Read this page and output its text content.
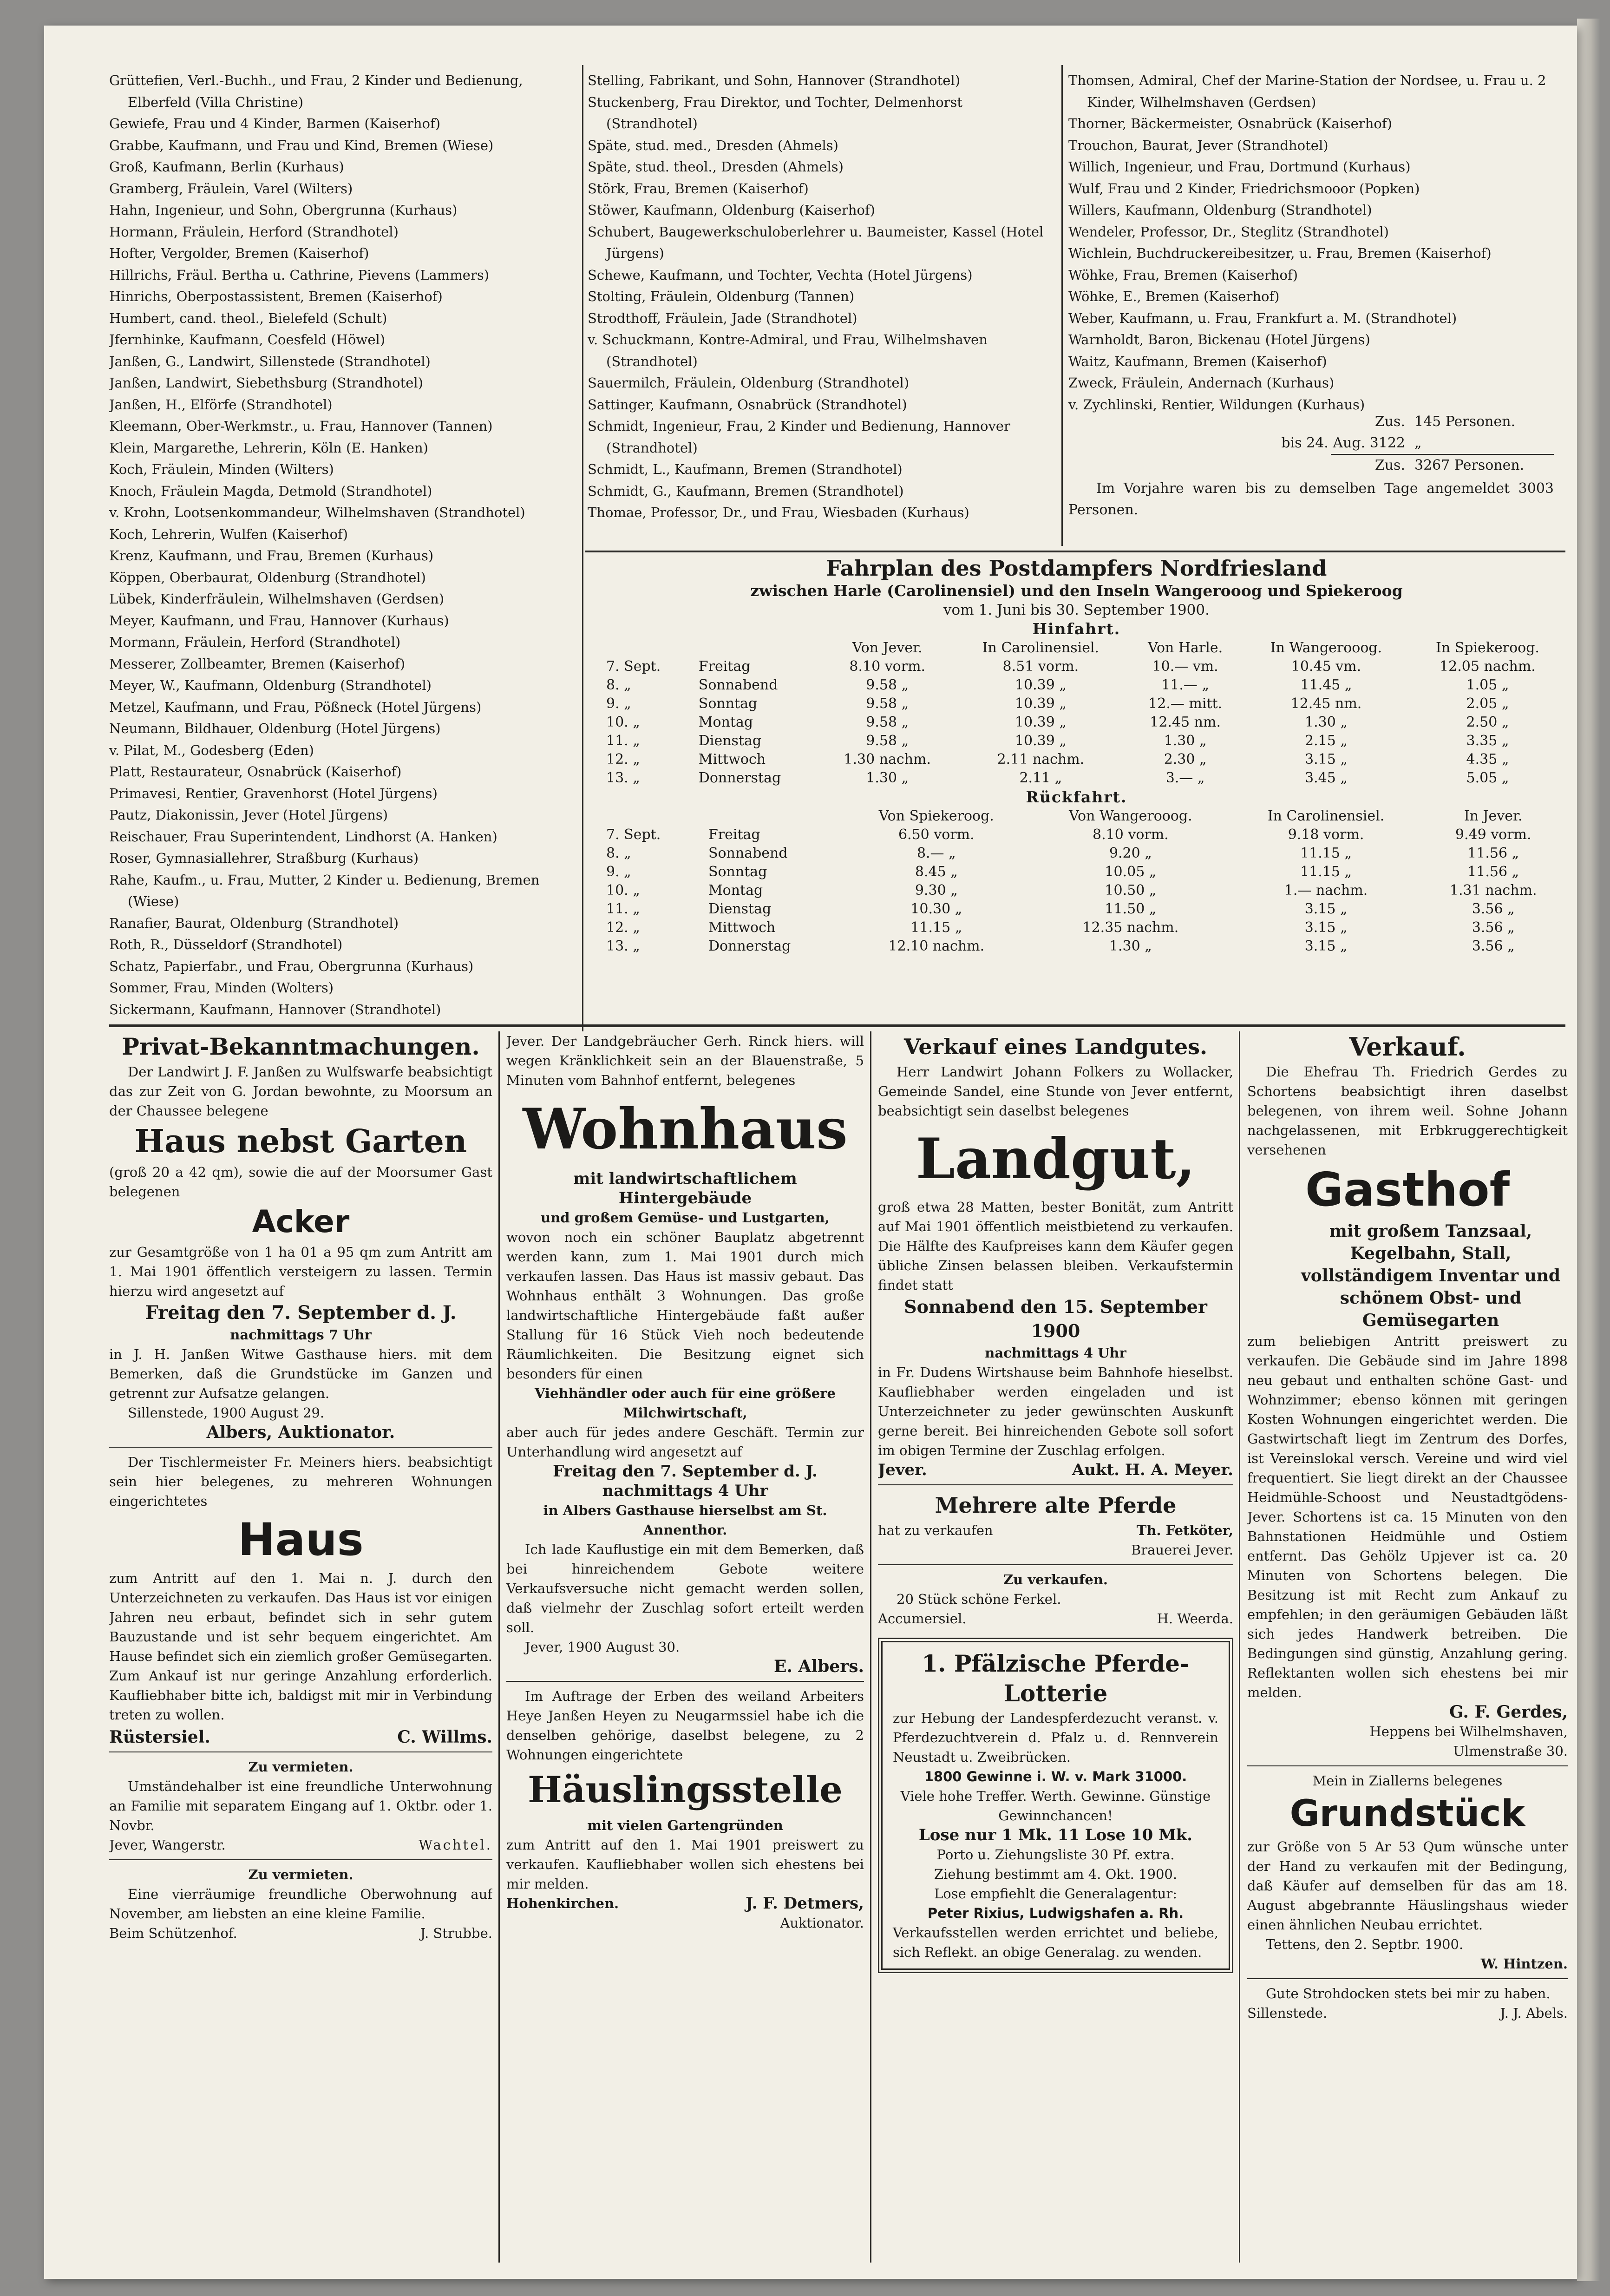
Grüttefien, Verl.-Buchh., und Frau, 2 Kinder und Bedienung, Elberfeld (Villa Christine)
Gewiefe, Frau und 4 Kinder, Barmen (Kaiserhof)
Grabbe, Kaufmann, und Frau und Kind, Bremen (Wiese)
Groß, Kaufmann, Berlin (Kurhaus)
Gramberg, Fräulein, Varel (Wilters)
Hahn, Ingenieur, und Sohn, Obergrunna (Kurhaus)
Hormann, Fräulein, Herford (Strandhotel)
Hofter, Vergolder, Bremen (Kaiserhof)
Hillrichs, Fräul. Bertha u. Cathrine, Pievens (Lammers)
Hinrichs, Oberpostassistent, Bremen (Kaiserhof)
Humbert, cand. theol., Bielefeld (Schult)
Jfernhinke, Kaufmann, Coesfeld (Höwel)
Janßen, G., Landwirt, Sillenstede (Strandhotel)
Janßen, Landwirt, Siebethsburg (Strandhotel)
Janßen, H., Elförfe (Strandhotel)
Kleemann, Ober-Werkmstr., u. Frau, Hannover (Tannen)
Klein, Margarethe, Lehrerin, Köln (E. Hanken)
Koch, Fräulein, Minden (Wilters)
Knoch, Fräulein Magda, Detmold (Strandhotel)
v. Krohn, Lootsenkommandeur, Wilhelmshaven (Strandhotel)
Koch, Lehrerin, Wulfen (Kaiserhof)
Krenz, Kaufmann, und Frau, Bremen (Kurhaus)
Köppen, Oberbaurat, Oldenburg (Strandhotel)
Lübek, Kinderfräulein, Wilhelmshaven (Gerdsen)
Meyer, Kaufmann, und Frau, Hannover (Kurhaus)
Mormann, Fräulein, Herford (Strandhotel)
Messerer, Zollbeamter, Bremen (Kaiserhof)
Meyer, W., Kaufmann, Oldenburg (Strandhotel)
Metzel, Kaufmann, und Frau, Pößneck (Hotel Jürgens)
Neumann, Bildhauer, Oldenburg (Hotel Jürgens)
v. Pilat, M., Godesberg (Eden)
Platt, Restaurateur, Osnabrück (Kaiserhof)
Primavesi, Rentier, Gravenhorst (Hotel Jürgens)
Pautz, Diakonissin, Jever (Hotel Jürgens)
Reischauer, Frau Superintendent, Lindhorst (A. Hanken)
Roser, Gymnasiallehrer, Straßburg (Kurhaus)
Rahe, Kaufm., u. Frau, Mutter, 2 Kinder u. Bedienung, Bremen (Wiese)
Ranafier, Baurat, Oldenburg (Strandhotel)
Roth, R., Düsseldorf (Strandhotel)
Schatz, Papierfabr., und Frau, Obergrunna (Kurhaus)
Sommer, Frau, Minden (Wolters)
Sickermann, Kaufmann, Hannover (Strandhotel)
Stelling, Fabrikant, und Sohn, Hannover (Strandhotel)
Stuckenberg, Frau Direktor, und Tochter, Delmenhorst (Strandhotel)
Späte, stud. med., Dresden (Ahmels)
Späte, stud. theol., Dresden (Ahmels)
Störk, Frau, Bremen (Kaiserhof)
Stöwer, Kaufmann, Oldenburg (Kaiserhof)
Schubert, Baugewerkschuloberlehrer u. Baumeister, Kassel (Hotel Jürgens)
Schewe, Kaufmann, und Tochter, Vechta (Hotel Jürgens)
Stolting, Fräulein, Oldenburg (Tannen)
Strodthoff, Fräulein, Jade (Strandhotel)
v. Schuckmann, Kontre-Admiral, und Frau, Wilhelmshaven (Strandhotel)
Sauermilch, Fräulein, Oldenburg (Strandhotel)
Sattinger, Kaufmann, Osnabrück (Strandhotel)
Schmidt, Ingenieur, Frau, 2 Kinder und Bedienung, Hannover (Strandhotel)
Schmidt, L., Kaufmann, Bremen (Strandhotel)
Schmidt, G., Kaufmann, Bremen (Strandhotel)
Thomae, Professor, Dr., und Frau, Wiesbaden (Kurhaus)
Thomsen, Admiral, Chef der Marine-Station der Nordsee, u. Frau u. 2 Kinder, Wilhelmshaven (Gerdsen)
Thorner, Bäckermeister, Osnabrück (Kaiserhof)
Trouchon, Baurat, Jever (Strandhotel)
Willich, Ingenieur, und Frau, Dortmund (Kurhaus)
Wulf, Frau und 2 Kinder, Friedrichsmooor (Popken)
Willers, Kaufmann, Oldenburg (Strandhotel)
Wendeler, Professor, Dr., Steglitz (Strandhotel)
Wichlein, Buchdruckereibesitzer, u. Frau, Bremen (Kaiserhof)
Wöhke, Frau, Bremen (Kaiserhof)
Wöhke, E., Bremen (Kaiserhof)
Weber, Kaufmann, u. Frau, Frankfurt a. M. (Strandhotel)
Warnholdt, Baron, Bickenau (Hotel Jürgens)
Waitz, Kaufmann, Bremen (Kaiserhof)
Zweck, Fräulein, Andernach (Kurhaus)
v. Zychlinski, Rentier, Wildungen (Kurhaus)
Zus. 145 Personen.
bis 24. Aug. 3122 „
Zus. 3267 Personen.
Im Vorjahre waren bis zu demselben Tage angemeldet 3003 Personen.
Fahrplan des Postdampfers Nordfriesland
zwischen Harle (Carolinensiel) und den Inseln Wangerooog und Spiekeroog
vom 1. Juni bis 30. September 1900.
Hinfahrt.
		Von Jever.	In Carolinensiel.	Von Harle.	In Wangerooog.	In Spiekeroog.
7. Sept.	Freitag	8.10 vorm.	8.51 vorm.	10.— vm.	10.45 vm.	12.05 nachm.
8. „	Sonnabend	9.58 „	10.39 „	11.— „	11.45 „	1.05 „
9. „	Sonntag	9.58 „	10.39 „	12.— mitt.	12.45 nm.	2.05 „
10. „	Montag	9.58 „	10.39 „	12.45 nm.	1.30 „	2.50 „
11. „	Dienstag	9.58 „	10.39 „	1.30 „	2.15 „	3.35 „
12. „	Mittwoch	1.30 nachm.	2.11 nachm.	2.30 „	3.15 „	4.35 „
13. „	Donnerstag	1.30 „	2.11 „	3.— „	3.45 „	5.05 „
Rückfahrt.
		Von Spiekeroog.	Von Wangerooog.	In Carolinensiel.	In Jever.
7. Sept.	Freitag	6.50 vorm.	8.10 vorm.	9.18 vorm.	9.49 vorm.
8. „	Sonnabend	8.— „	9.20 „	11.15 „	11.56 „
9. „	Sonntag	8.45 „	10.05 „	11.15 „	11.56 „
10. „	Montag	9.30 „	10.50 „	1.— nachm.	1.31 nachm.
11. „	Dienstag	10.30 „	11.50 „	3.15 „	3.56 „
12. „	Mittwoch	11.15 „	12.35 nachm.	3.15 „	3.56 „
13. „	Donnerstag	12.10 nachm.	1.30 „	3.15 „	3.56 „
Privat-Bekanntmachungen.
Der Landwirt J. F. Janßen zu Wulfswarfe beabsichtigt das zur Zeit von G. Jordan bewohnte, zu Moorsum an der Chaussee belegene
Haus nebst Garten
(groß 20 a 42 qm), sowie die auf der Moorsumer Gast belegenen
Acker
zur Gesamtgröße von 1 ha 01 a 95 qm zum Antritt am 1. Mai 1901 öffentlich versteigern zu lassen. Termin hierzu wird angesetzt auf
Freitag den 7. September d. J.
nachmittags 7 Uhr
in J. H. Janßen Witwe Gasthause hiers. mit dem Bemerken, daß die Grundstücke im Ganzen und getrennt zur Aufsatze gelangen.
Sillenstede, 1900 August 29.
Albers, Auktionator.
Der Tischlermeister Fr. Meiners hiers. beabsichtigt sein hier belegenes, zu mehreren Wohnungen eingerichtetes
Haus
zum Antritt auf den 1. Mai n. J. durch den Unterzeichneten zu verkaufen. Das Haus ist vor einigen Jahren neu erbaut, befindet sich in sehr gutem Bauzustande und ist sehr bequem eingerichtet. Am Hause befindet sich ein ziemlich großer Gemüsegarten. Zum Ankauf ist nur geringe Anzahlung erforderlich. Kaufliebhaber bitte ich, baldigst mit mir in Verbindung treten zu wollen.
Rüstersiel.	C. Willms.
Zu vermieten.
Umständehalber ist eine freundliche Unterwohnung an Familie mit separatem Eingang auf 1. Oktbr. oder 1. Novbr.
Jever, Wangerstr.	Wachtel.
Zu vermieten.
Eine vierräumige freundliche Oberwohnung auf November, am liebsten an eine kleine Familie.
Beim Schützenhof.	J. Strubbe.
Jever. Der Landgebräucher Gerh. Rinck hiers. will wegen Kränklichkeit sein an der Blauenstraße, 5 Minuten vom Bahnhof entfernt, belegenes
Wohnhaus
mit landwirtschaftlichem Hintergebäude
und großem Gemüse- und Lustgarten,
wovon noch ein schöner Bauplatz abgetrennt werden kann, zum 1. Mai 1901 durch mich verkaufen lassen. Das Haus ist massiv gebaut. Das Wohnhaus enthält 3 Wohnungen. Das große landwirtschaftliche Hintergebäude faßt außer Stallung für 16 Stück Vieh noch bedeutende Räumlichkeiten. Die Besitzung eignet sich besonders für einen
Viehhändler oder auch für eine größere Milchwirtschaft,
aber auch für jedes andere Geschäft. Termin zur Unterhandlung wird angesetzt auf
Freitag den 7. September d. J.
nachmittags 4 Uhr
in Albers Gasthause hierselbst am St. Annenthor.
Ich lade Kauflustige ein mit dem Bemerken, daß bei hinreichendem Gebote weitere Verkaufsversuche nicht gemacht werden sollen, daß vielmehr der Zuschlag sofort erteilt werden soll.
Jever, 1900 August 30.
E. Albers.
Im Auftrage der Erben des weiland Arbeiters Heye Janßen Heyen zu Neugarmssiel habe ich die denselben gehörige, daselbst belegene, zu 2 Wohnungen eingerichtete
Häuslingsstelle
mit vielen Gartengründen
zum Antritt auf den 1. Mai 1901 preiswert zu verkaufen. Kaufliebhaber wollen sich ehestens bei mir melden.
Hohenkirchen.	J. F. Detmers,
Auktionator.
Verkauf eines Landgutes.
Herr Landwirt Johann Folkers zu Wollacker, Gemeinde Sandel, eine Stunde von Jever entfernt, beabsichtigt sein daselbst belegenes
Landgut,
groß etwa 28 Matten, bester Bonität, zum Antritt auf Mai 1901 öffentlich meistbietend zu verkaufen. Die Hälfte des Kaufpreises kann dem Käufer gegen übliche Zinsen belassen bleiben. Verkaufstermin findet statt
Sonnabend den 15. September 1900
nachmittags 4 Uhr
in Fr. Dudens Wirtshause beim Bahnhofe hieselbst. Kaufliebhaber werden eingeladen und ist Unterzeichneter zu jeder gewünschten Auskunft gerne bereit. Bei hinreichenden Gebote soll sofort im obigen Termine der Zuschlag erfolgen.
Jever.	Aukt. H. A. Meyer.
Mehrere alte Pferde
hat zu verkaufen	Th. Fetköter,
Brauerei Jever.
Zu verkaufen.
20 Stück schöne Ferkel.
Accumersiel.	H. Weerda.
1. Pfälzische Pferde-Lotterie
zur Hebung der Landespferdezucht veranst. v. Pferdezuchtverein d. Pfalz u. d. Rennverein Neustadt u. Zweibrücken.
1800 Gewinne i. W. v. Mark 31000.
Viele hohe Treffer. Werth. Gewinne. Günstige Gewinnchancen!
Lose nur 1 Mk. 11 Lose 10 Mk.
Porto u. Ziehungsliste 30 Pf. extra.
Ziehung bestimmt am 4. Okt. 1900.
Lose empfiehlt die Generalagentur:
Peter Rixius, Ludwigshafen a. Rh.
Verkaufsstellen werden errichtet und beliebe, sich Reflekt. an obige Generalag. zu wenden.
Verkauf.
Die Ehefrau Th. Friedrich Gerdes zu Schortens beabsichtigt ihren daselbst belegenen, von ihrem weil. Sohne Johann nachgelassenen, mit Erbkruggerechtigkeit versehenen
Gasthof
mit großem Tanzsaal, Kegelbahn, Stall, vollständigem Inventar und schönem Obst- und Gemüsegarten
zum beliebigen Antritt preiswert zu verkaufen. Die Gebäude sind im Jahre 1898 neu gebaut und enthalten schöne Gast- und Wohnzimmer; ebenso können mit geringen Kosten Wohnungen eingerichtet werden. Die Gastwirtschaft liegt im Zentrum des Dorfes, ist Vereinslokal versch. Vereine und wird viel frequentiert. Sie liegt direkt an der Chaussee Heidmühle-Schoost und Neustadtgödens-Jever. Schortens ist ca. 15 Minuten von den Bahnstationen Heidmühle und Ostiem entfernt. Das Gehölz Upjever ist ca. 20 Minuten von Schortens belegen. Die Besitzung ist mit Recht zum Ankauf zu empfehlen; in den geräumigen Gebäuden läßt sich jedes Handwerk betreiben. Die Bedingungen sind günstig, Anzahlung gering. Reflektanten wollen sich ehestens bei mir melden.
G. F. Gerdes,
Heppens bei Wilhelmshaven,
Ulmenstraße 30.
Mein in Ziallerns belegenes
Grundstück
zur Größe von 5 Ar 53 Qum wünsche unter der Hand zu verkaufen mit der Bedingung, daß Käufer auf demselben für das am 18. August abgebrannte Häuslingshaus wieder einen ähnlichen Neubau errichtet.
Tettens, den 2. Septbr. 1900.
W. Hintzen.
Gute Strohdocken stets bei mir zu haben.
Sillenstede.	J. J. Abels.
